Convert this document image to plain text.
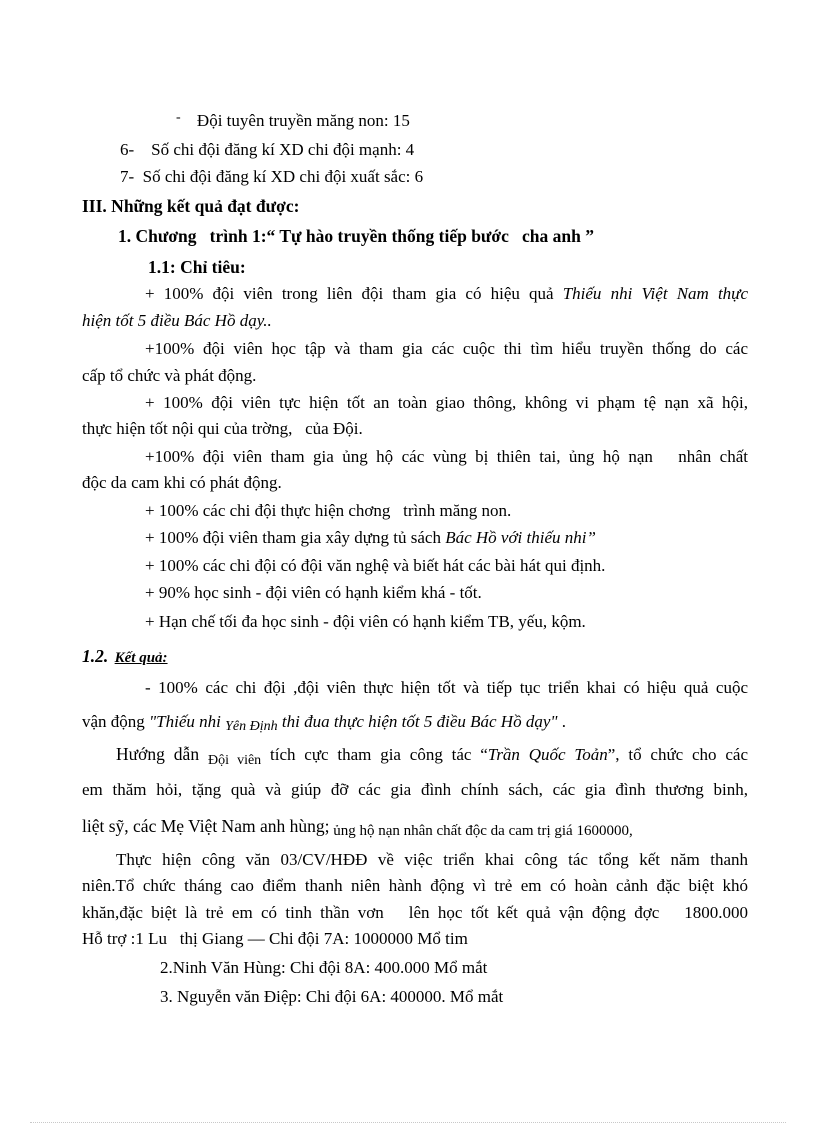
- Đội tuyên truyền măng non: 15
6-    Số chi đội đăng kí XD chi đội mạnh: 4
7-  Số chi đội đăng kí XD chi đội xuất sắc: 6
III. Những kết quả đạt được:
1. Chương   trình 1:“ Tự hào truyền thống tiếp bước   cha anh ”
1.1: Chỉ tiêu:
+ 100% đội viên trong liên đội tham gia có hiệu quả Thiếu nhi Việt Nam thực
hiện tốt 5 điều Bác Hồ dạy..
+100% đội viên học tập và tham gia các cuộc thi tìm hiểu truyền thống do các
cấp tổ chức và phát động.
+ 100% đội viên tực hiện tốt an toàn giao thông, không vi phạm tệ nạn xã hội,
thực hiện tốt nội qui của trờng,   của Đội.
+100% đội viên tham gia ủng hộ các vùng bị thiên tai, ủng hộ nạn   nhân chất
độc da cam khi có phát động.
+ 100% các chi đội thực hiện chơng   trình măng non.
+ 100% đội viên tham gia xây dựng tủ sách Bác Hồ với thiếu nhi”
+ 100% các chi đội có đội văn nghệ và biết hát các bài hát qui định.
+ 90% học sinh - đội viên có hạnh kiểm khá - tốt.
+ Hạn chế tối đa học sinh - đội viên có hạnh kiểm TB, yếu, kộm.
1.2. Kết quả:
- 100% các chi đội ,đội viên thực hiện tốt và tiếp tục triển khai có hiệu quả cuộc
vận động "Thiếu nhi Yên Định thi đua thực hiện tốt 5 điều Bác Hồ dạy" .
Hướng dẫn $_{Đội viên}$ tích cực tham gia công tác “Trần Quốc Toản”, tổ chức cho các
em thăm hỏi, tặng quà và giúp đỡ các gia đình chính sách, các gia đình thương binh,
liệt sỹ, các Mẹ Việt Nam anh hùng; ủng hộ nạn nhân chất độc da cam trị giá 1600000,
Thực hiện công văn 03/CV/HĐĐ về việc triển khai công tác tổng kết năm thanh
niên.Tổ chức tháng cao điểm thanh niên hành động vì trẻ em có hoàn cảnh đặc biệt khó
khăn,đặc biệt là trẻ em có tinh thần vơn   lên học tốt kết quả vận động đợc   1800.000
Hỗ trợ :1 Lu   thị Giang — Chi đội 7A: 1000000 Mổ tim
2.Ninh Văn Hùng: Chi đội 8A: 400.000 Mổ mắt
3. Nguyễn văn Điệp: Chi đội 6A: 400000. Mổ mắt
